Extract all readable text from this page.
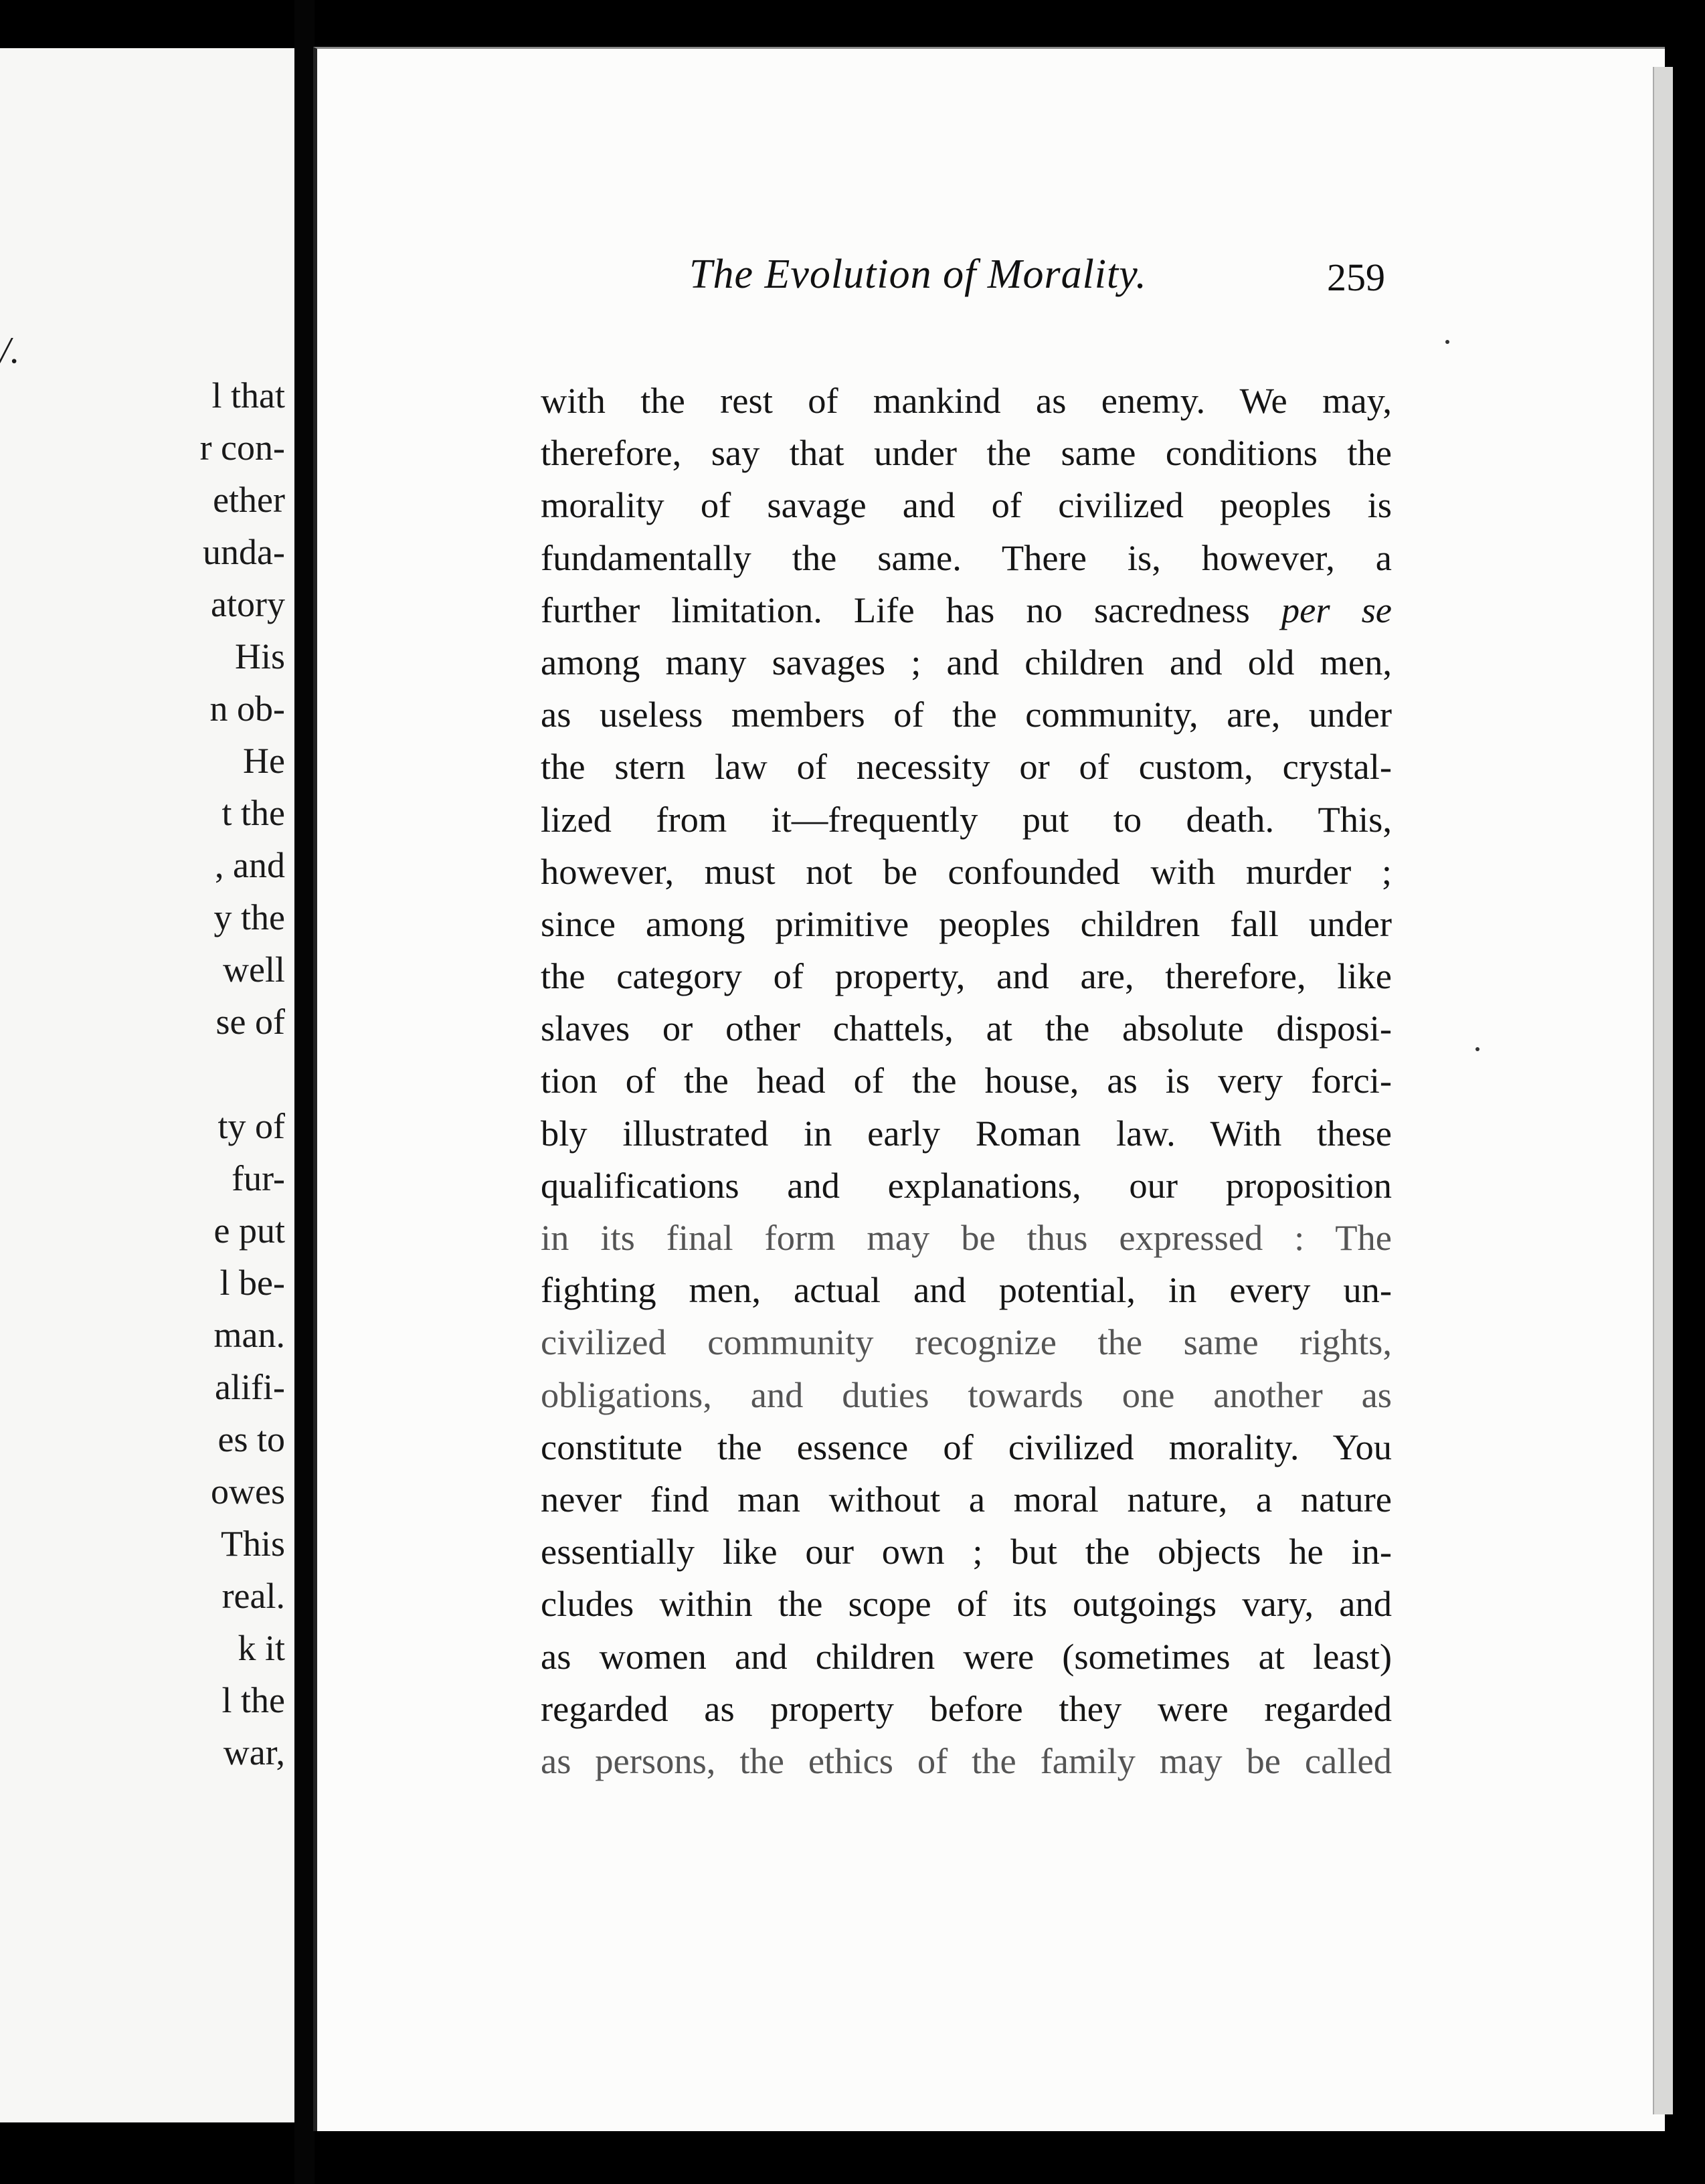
/.
l that
r con-
ether
unda-
atory
His
n ob-
He
t the
, and
y the
well
se of
ty of
fur-
e put
l be-
man.
alifi-
es to
owes
This
real.
k it
l the
war,
The Evolution of Morality.	259
with the rest of mankind as enemy. We may,
therefore, say that under the same conditions the
morality of savage and of civilized peoples is
fundamentally the same. There is, however, a
further limitation. Life has no sacredness per se
among many savages ; and children and old men,
as useless members of the community, are, under
the stern law of necessity or of custom, crystal-
lized from it—frequently put to death. This,
however, must not be confounded with murder ;
since among primitive peoples children fall under
the category of property, and are, therefore, like
slaves or other chattels, at the absolute disposi-
tion of the head of the house, as is very forci-
bly illustrated in early Roman law. With these
qualifications and explanations, our proposition
in its final form may be thus expressed : The
fighting men, actual and potential, in every un-
civilized community recognize the same rights,
obligations, and duties towards one another as
constitute the essence of civilized morality. You
never find man without a moral nature, a nature
essentially like our own ; but the objects he in-
cludes within the scope of its outgoings vary, and
as women and children were (sometimes at least)
regarded as property before they were regarded
as persons, the ethics of the family may be called
